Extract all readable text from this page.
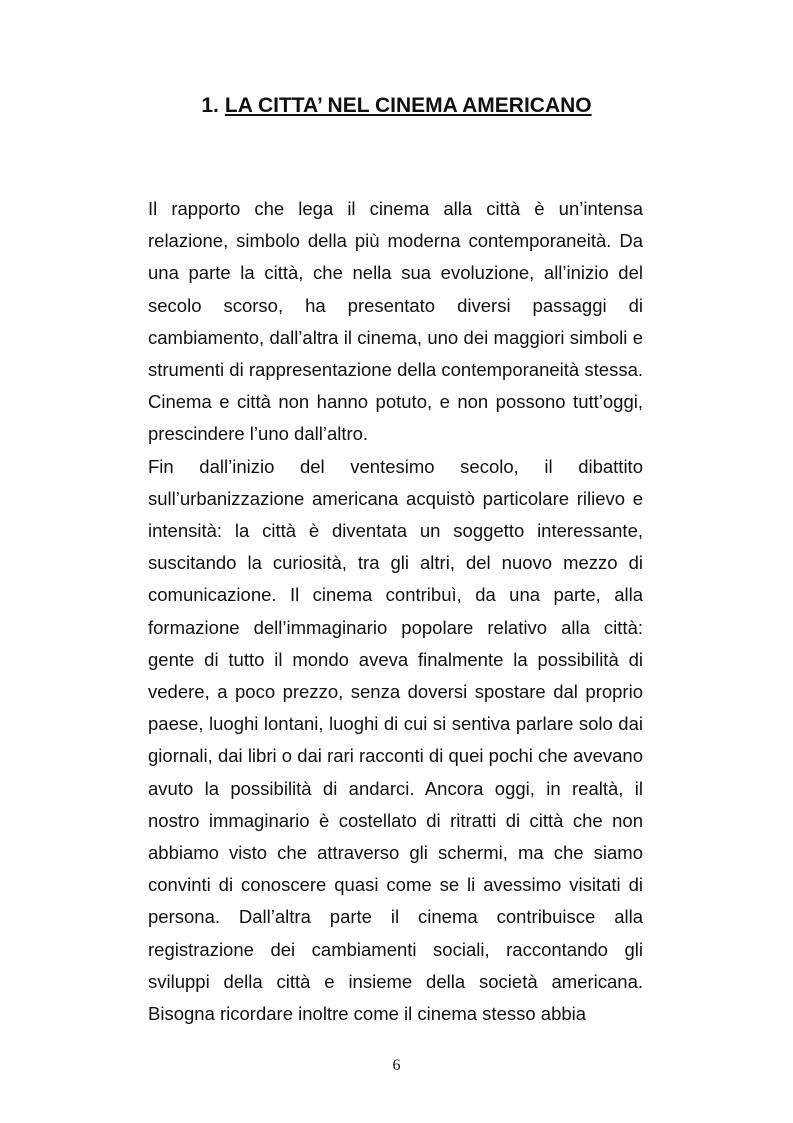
1. LA CITTA’ NEL CINEMA AMERICANO

Il rapporto che lega il cinema alla città è un’intensa relazione, simbolo della più moderna contemporaneità. Da una parte la città, che nella sua evoluzione, all’inizio del secolo scorso, ha presentato diversi passaggi di cambiamento, dall’altra il cinema, uno dei maggiori simboli e strumenti di rappresentazione della contemporaneità stessa. Cinema e città non hanno potuto, e non possono tutt’oggi, prescindere l’uno dall’altro.

Fin dall’inizio del ventesimo secolo, il dibattito sull’urbanizzazione americana acquistò particolare rilievo e intensità: la città è diventata un soggetto interessante, suscitando la curiosità, tra gli altri, del nuovo mezzo di comunicazione. Il cinema contribuì, da una parte, alla formazione dell’immaginario popolare relativo alla città: gente di tutto il mondo aveva finalmente la possibilità di vedere, a poco prezzo, senza doversi spostare dal proprio paese, luoghi lontani, luoghi di cui si sentiva parlare solo dai giornali, dai libri o dai rari racconti di quei pochi che avevano avuto la possibilità di andarci. Ancora oggi, in realtà, il nostro immaginario è costellato di ritratti di città che non abbiamo visto che attraverso gli schermi, ma che siamo convinti di conoscere quasi come se li avessimo visitati di persona. Dall’altra parte il cinema contribuisce alla registrazione dei cambiamenti sociali, raccontando gli sviluppi della città e insieme della società americana. Bisogna ricordare inoltre come il cinema stesso abbia

6
